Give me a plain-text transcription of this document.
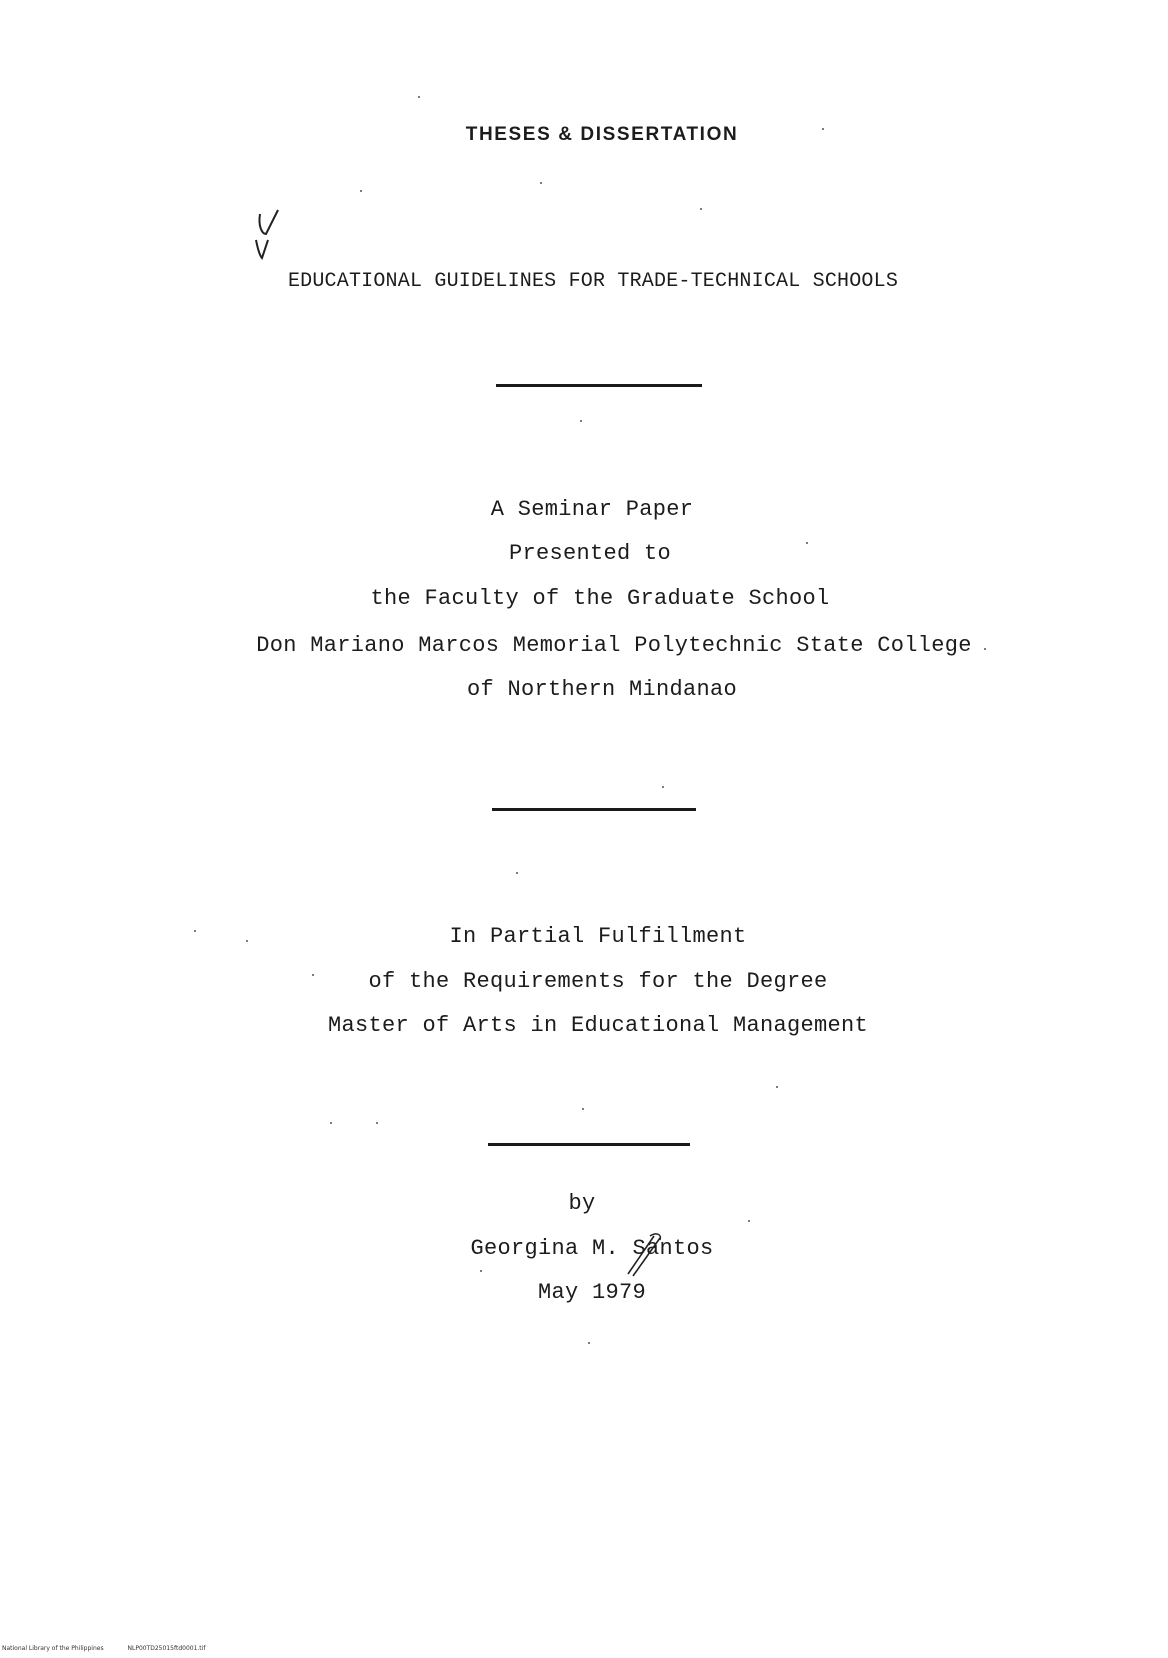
THESES & DISSERTATION
EDUCATIONAL GUIDELINES FOR TRADE-TECHNICAL SCHOOLS
A Seminar Paper
Presented to
the Faculty of the Graduate School
Don Mariano Marcos Memorial Polytechnic State College
of Northern Mindanao
In Partial Fulfillment
of the Requirements for the Degree
Master of Arts in Educational Management
by
Georgina M. Santos
May 1979
National Library of the Philippines	NLP00TD25015ftd0001.tif
